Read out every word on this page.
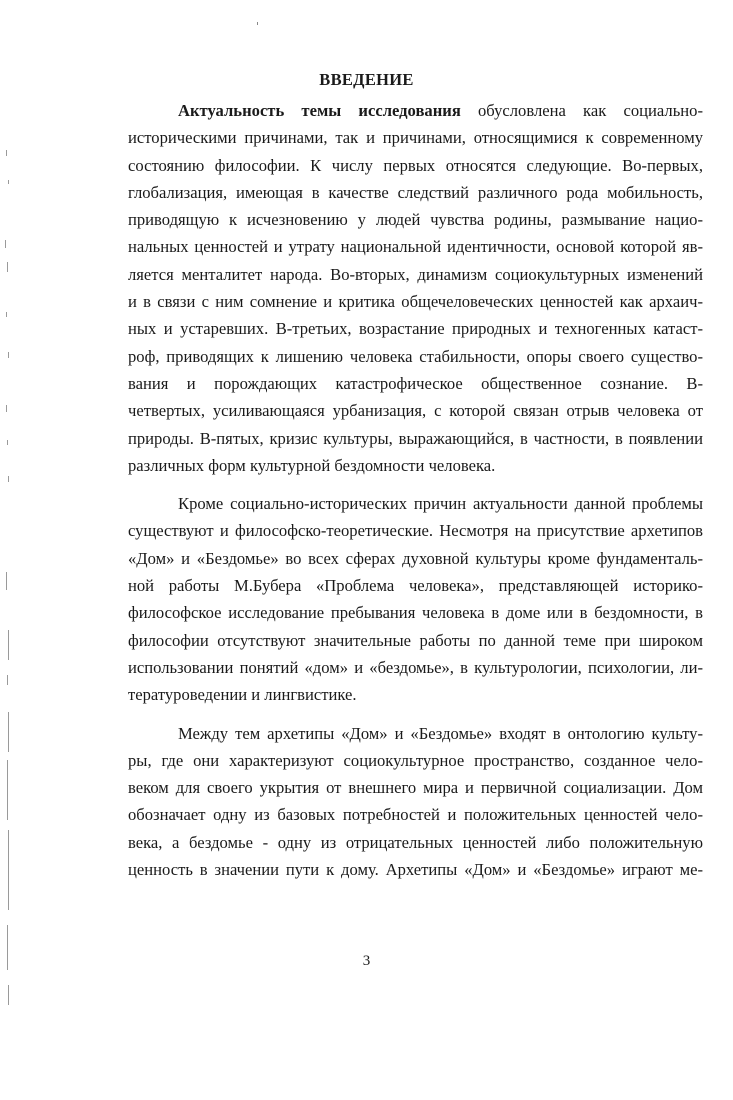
ВВЕДЕНИЕ
Актуальность темы исследования обусловлена как социально-
историческими причинами, так и причинами, относящимися к современному
состоянию философии. К числу первых относятся следующие. Во-первых,
глобализация, имеющая в качестве следствий различного рода мобильность,
приводящую к исчезновению у людей чувства родины, размывание нацио-
нальных ценностей и утрату национальной идентичности, основой которой яв-
ляется менталитет народа. Во-вторых, динамизм социокультурных изменений
и в связи с ним сомнение и критика общечеловеческих ценностей как архаич-
ных и устаревших. В-третьих, возрастание природных и техногенных катаст-
роф, приводящих к лишению человека стабильности, опоры своего существо-
вания и порождающих катастрофическое общественное сознание. В-
четвертых, усиливающаяся урбанизация, с которой связан отрыв человека от
природы. В-пятых, кризис культуры, выражающийся, в частности, в появлении
различных форм культурной бездомности человека.
Кроме социально-исторических причин актуальности данной проблемы
существуют и философско-теоретические. Несмотря на присутствие архетипов
«Дом» и «Бездомье» во всех сферах духовной культуры кроме фундаменталь-
ной работы М.Бубера «Проблема человека», представляющей историко-
философское исследование пребывания человека в доме или в бездомности, в
философии отсутствуют значительные работы по данной теме при широком
использовании понятий «дом» и «бездомье», в культурологии, психологии, ли-
тературоведении и лингвистике.
Между тем архетипы «Дом» и «Бездомье» входят в онтологию культу-
ры, где они характеризуют социокультурное пространство, созданное чело-
веком для своего укрытия от внешнего мира и первичной социализации. Дом
обозначает одну из базовых потребностей и положительных ценностей чело-
века, а бездомье - одну из отрицательных ценностей либо положительную
ценность в значении пути к дому. Архетипы «Дом» и «Бездомье» играют ме-
3
